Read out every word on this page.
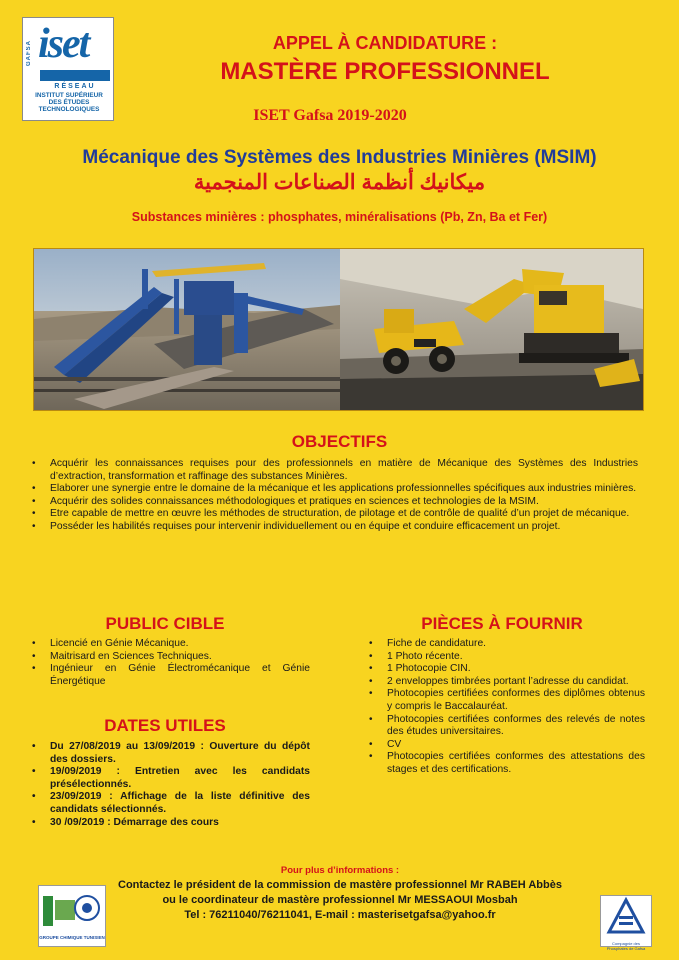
GAFSA iset
RÉSEAU
INSTITUT SUPÉRIEUR
DES ÉTUDES
TECHNOLOGIQUES
APPEL À CANDIDATURE :
MASTÈRE PROFESSIONNEL
ISET Gafsa 2019-2020
Mécanique des Systèmes des Industries Minières (MSIM)
ميكانيك أنظمة الصناعات المنجمية
Substances minières : phosphates, minéralisations (Pb, Zn, Ba et Fer)
OBJECTIFS
• Acquérir les connaissances requises pour des professionnels en matière de Mécanique des Systèmes des Industries d’extraction, transformation et raffinage des substances Minières.
• Elaborer une synergie entre le domaine de la mécanique et les applications professionnelles spécifiques aux industries minières.
• Acquérir des solides connaissances méthodologiques et pratiques en sciences et technologies de la MSIM.
• Etre capable de mettre en œuvre les méthodes de structuration, de pilotage et de contrôle de qualité d’un projet de mécanique.
• Posséder les habilités requises pour intervenir individuellement ou en équipe et conduire efficacement un projet.
PUBLIC CIBLE
• Licencié en Génie Mécanique.
• Maitrisard en Sciences Techniques.
• Ingénieur en Génie Électromécanique et Génie Énergétique
DATES UTILES
• Du 27/08/2019 au 13/09/2019 : Ouverture du dépôt des dossiers.
• 19/09/2019 : Entretien avec les candidats présélectionnés.
• 23/09/2019 : Affichage de la liste définitive des candidats sélectionnés.
• 30 /09/2019 : Démarrage des cours
PIÈCES À FOURNIR
• Fiche de candidature.
• 1 Photo récente.
• 1 Photocopie CIN.
• 2 enveloppes timbrées portant l’adresse du candidat.
• Photocopies certifiées conformes des diplômes obtenus y compris le Baccalauréat.
• Photocopies certifiées conformes des relevés de notes des études universitaires.
• CV
• Photocopies certifiées conformes des attestations des stages et des certifications.
Pour plus d’informations :
Contactez le président de la commission de mastère professionnel Mr RABEH Abbès
ou le coordinateur de mastère professionnel Mr MESSAOUI Mosbah
Tel : 76211040/76211041, E-mail : masterisetgafsa@yahoo.fr
GROUPE CHIMIQUE TUNISIEN
Compagnie des Phosphates de Gafsa
